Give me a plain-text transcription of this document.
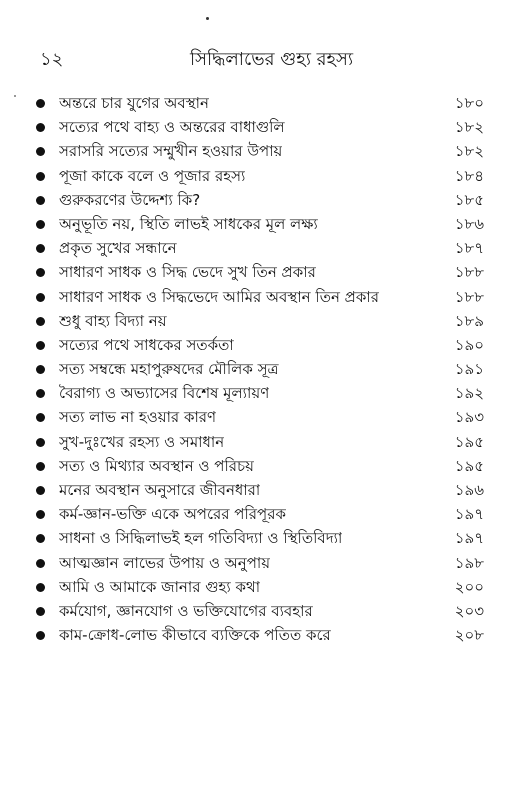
১২	সিদ্ধিলাভের গুহ্য রহস্য
অন্তরে চার যুগের অবস্থান	১৮০
সত্যের পথে বাহ্য ও অন্তরের বাধাগুলি	১৮২
সরাসরি সত্যের সম্মুখীন হওয়ার উপায়	১৮২
পূজা কাকে বলে ও পূজার রহস্য	১৮৪
গুরুকরণের উদ্দেশ্য কি?	১৮৫
অনুভূতি নয়, স্থিতি লাভই সাধকের মূল লক্ষ্য	১৮৬
প্রকৃত সুখের সন্ধানে	১৮৭
সাধারণ সাধক ও সিদ্ধ ভেদে সুখ তিন প্রকার	১৮৮
সাধারণ সাধক ও সিদ্ধভেদে আমির অবস্থান তিন প্রকার	১৮৮
শুধু বাহ্য বিদ্যা নয়	১৮৯
সত্যের পথে সাধকের সতর্কতা	১৯০
সত্য সম্বন্ধে মহাপুরুষদের মৌলিক সূত্র	১৯১
বৈরাগ্য ও অভ্যাসের বিশেষ মূল্যায়ণ	১৯২
সত্য লাভ না হওয়ার কারণ	১৯৩
সুখ-দুঃখের রহস্য ও সমাধান	১৯৫
সত্য ও মিথ্যার অবস্থান ও পরিচয়	১৯৫
মনের অবস্থান অনুসারে জীবনধারা	১৯৬
কর্ম-জ্ঞান-ভক্তি একে অপরের পরিপূরক	১৯৭
সাধনা ও সিদ্ধিলাভই হল গতিবিদ্যা ও স্থিতিবিদ্যা	১৯৭
আত্মজ্ঞান লাভের উপায় ও অনুপায়	১৯৮
আমি ও আমাকে জানার গুহ্য কথা	২০০
কর্মযোগ, জ্ঞানযোগ ও ভক্তিযোগের ব্যবহার	২০৩
কাম-ক্রোধ-লোভ কীভাবে ব্যক্তিকে পতিত করে	২০৮
